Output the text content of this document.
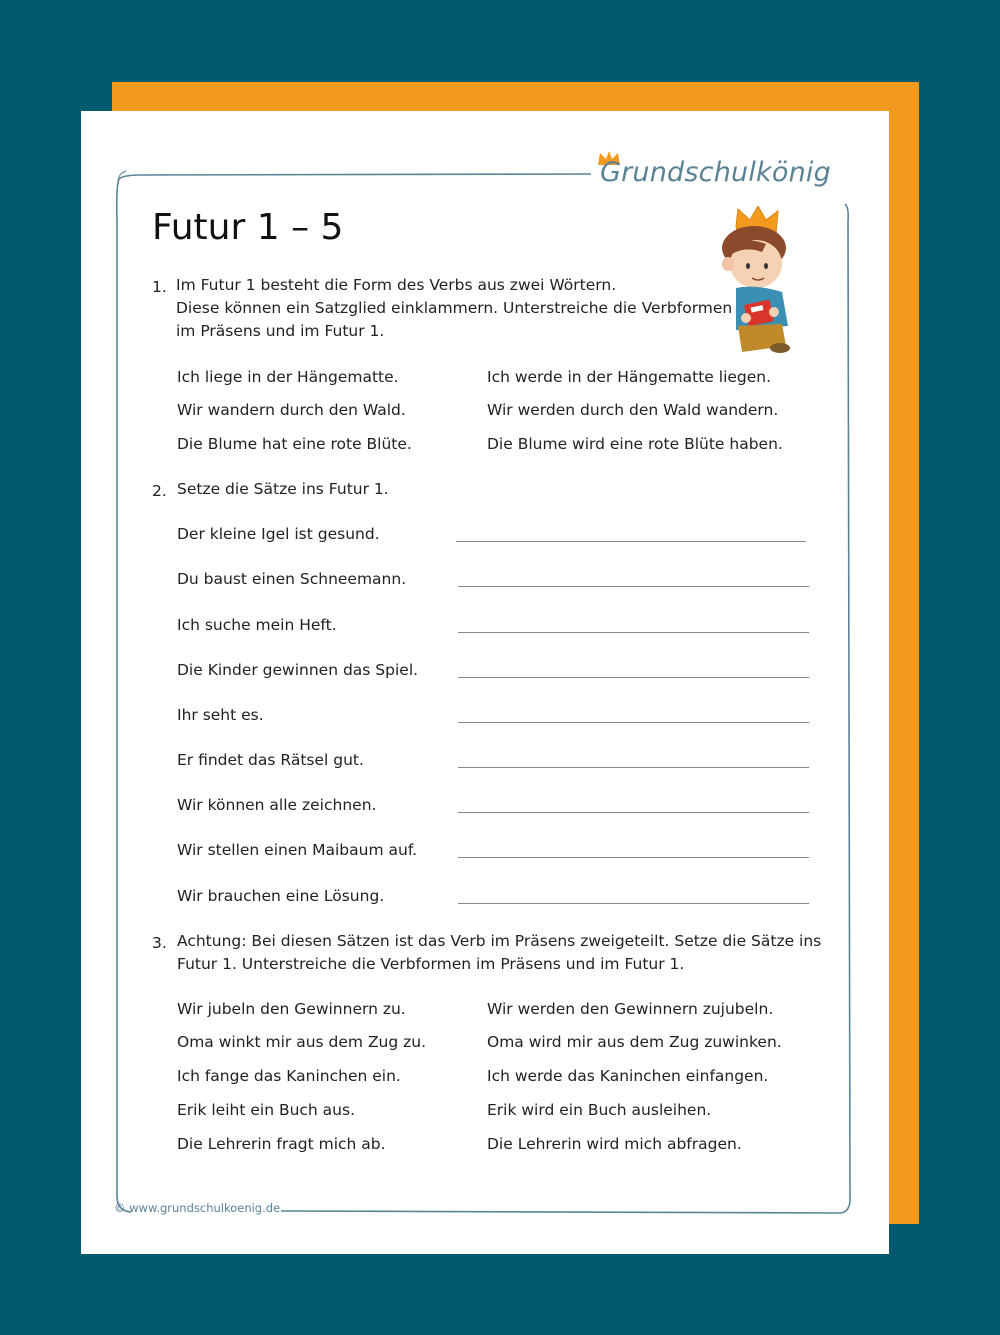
Grundschulkönig
Futur 1 – 5
1. Im Futur 1 besteht die Form des Verbs aus zwei Wörtern.
Diese können ein Satzglied einklammern. Unterstreiche die Verbformen
im Präsens und im Futur 1.
Ich liege in der Hängematte.	Ich werde in der Hängematte liegen.
Wir wandern durch den Wald.	Wir werden durch den Wald wandern.
Die Blume hat eine rote Blüte.	Die Blume wird eine rote Blüte haben.
2. Setze die Sätze ins Futur 1.
Der kleine Igel ist gesund.
Du baust einen Schneemann.
Ich suche mein Heft.
Die Kinder gewinnen das Spiel.
Ihr seht es.
Er findet das Rätsel gut.
Wir können alle zeichnen.
Wir stellen einen Maibaum auf.
Wir brauchen eine Lösung.
3. Achtung: Bei diesen Sätzen ist das Verb im Präsens zweigeteilt. Setze die Sätze ins
Futur 1. Unterstreiche die Verbformen im Präsens und im Futur 1.
Wir jubeln den Gewinnern zu.	Wir werden den Gewinnern zujubeln.
Oma winkt mir aus dem Zug zu.	Oma wird mir aus dem Zug zuwinken.
Ich fange das Kaninchen ein.	Ich werde das Kaninchen einfangen.
Erik leiht ein Buch aus.	Erik wird ein Buch ausleihen.
Die Lehrerin fragt mich ab.	Die Lehrerin wird mich abfragen.
© www.grundschulkoenig.de
